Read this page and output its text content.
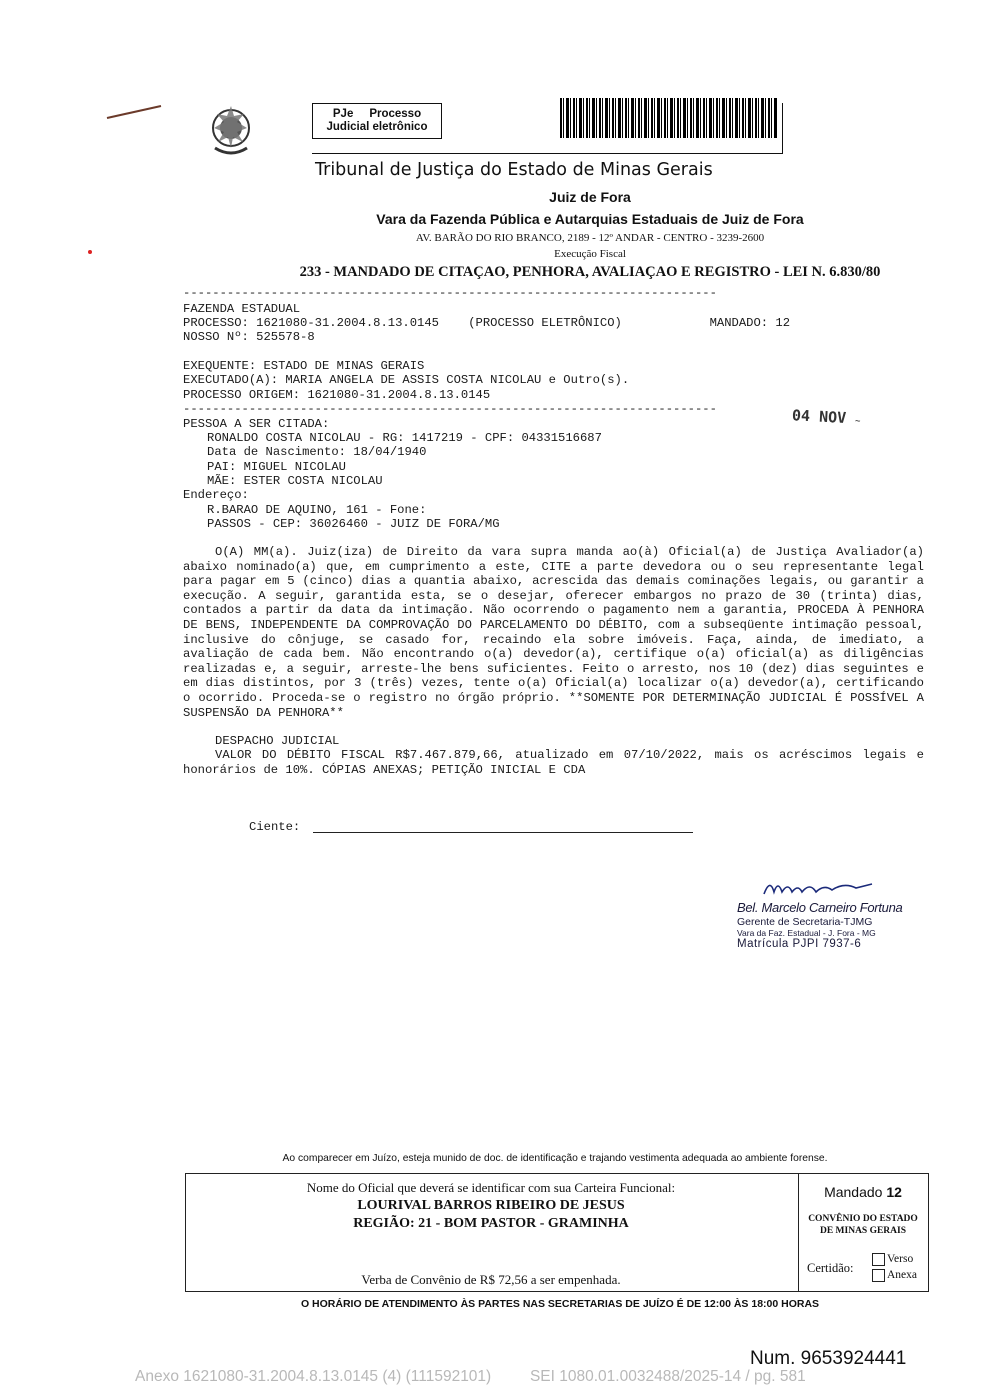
PJe     Processo
Judicial eletrônico
Tribunal de Justiça do Estado de Minas Gerais
Juiz de Fora
Vara da Fazenda Pública e Autarquias Estaduais de Juiz de Fora
AV. BARÃO DO RIO BRANCO, 2189 - 12º ANDAR - CENTRO - 3239-2600
Execução Fiscal
233 - MANDADO DE CITAÇAO, PENHORA, AVALIAÇAO E REGISTRO - LEI N. 6.830/80
-------------------------------------------------------------------------
FAZENDA ESTADUAL
PROCESSO: 1621080-31.2004.8.13.0145    (PROCESSO ELETRÔNICO)            MANDADO: 12
NOSSO Nº: 525578-8
EXEQUENTE: ESTADO DE MINAS GERAIS
EXECUTADO(A): MARIA ANGELA DE ASSIS COSTA NICOLAU e Outro(s).
PROCESSO ORIGEM: 1621080-31.2004.8.13.0145
-------------------------------------------------------------------------	04 NOV ~
PESSOA A SER CITADA:
RONALDO COSTA NICOLAU - RG: 1417219 - CPF: 04331516687
Data de Nascimento: 18/04/1940
PAI: MIGUEL NICOLAU
MÃE: ESTER COSTA NICOLAU
Endereço:
R.BARAO DE AQUINO, 161 - Fone:
PASSOS - CEP: 36026460 - JUIZ DE FORA/MG
O(A) MM(a). Juiz(iza) de Direito da vara supra manda ao(à) Oficial(a) de Justiça Avaliador(a) abaixo nominado(a) que, em cumprimento a este, CITE a parte devedora ou o seu representante legal para pagar em 5 (cinco) dias a quantia abaixo, acrescida das demais cominações legais, ou garantir a execução. A seguir, garantida esta, se o desejar, oferecer embargos no prazo de 30 (trinta) dias, contados a partir da data da intimação. Não ocorrendo o pagamento nem a garantia, PROCEDA À PENHORA DE BENS, INDEPENDENTE DA COMPROVAÇÃO DO PARCELAMENTO DO DÉBITO, com a subseqüente intimação pessoal, inclusive do cônjuge, se casado for, recaindo ela sobre imóveis. Faça, ainda, de imediato, a avaliação de cada bem. Não encontrando o(a) devedor(a), certifique o(a) oficial(a) as diligências realizadas e, a seguir, arreste-lhe bens suficientes. Feito o arresto, nos 10 (dez) dias seguintes e em dias distintos, por 3 (três) vezes, tente o(a) Oficial(a) localizar o(a) devedor(a), certificando o ocorrido. Proceda-se o registro no órgão próprio. **SOMENTE POR DETERMINAÇÃO JUDICIAL É POSSÍVEL A SUSPENSÃO DA PENHORA**
DESPACHO JUDICIAL
VALOR DO DÉBITO FISCAL R$7.467.879,66, atualizado em 07/10/2022, mais os acréscimos legais e honorários de 10%. CÓPIAS ANEXAS; PETIÇÃO INICIAL E CDA
Ciente:
Bel. Marcelo Carneiro Fortuna
Gerente de Secretaria-TJMG
Vara da Faz. Estadual - J. Fora - MG
Matrícula PJPI 7937-6
Ao comparecer em Juízo, esteja munido de doc. de identificação e trajando vestimenta adequada ao ambiente forense.
Nome do Oficial que deverá se identificar com sua Carteira Funcional:
LOURIVAL BARROS RIBEIRO DE JESUS
REGIÃO: 21 - BOM PASTOR - GRAMINHA
Verba de Convênio de R$ 72,56 a ser empenhada.
Mandado 12
CONVÊNIO DO ESTADO DE MINAS GERAIS
Certidão:
Verso
Anexa
O HORÁRIO DE ATENDIMENTO ÀS PARTES NAS SECRETARIAS DE JUÍZO É DE 12:00 ÀS 18:00 HORAS
Num. 9653924441
Anexo 1621080-31.2004.8.13.0145 (4) (111592101)         SEI 1080.01.0032488/2025-14 / pg. 581
